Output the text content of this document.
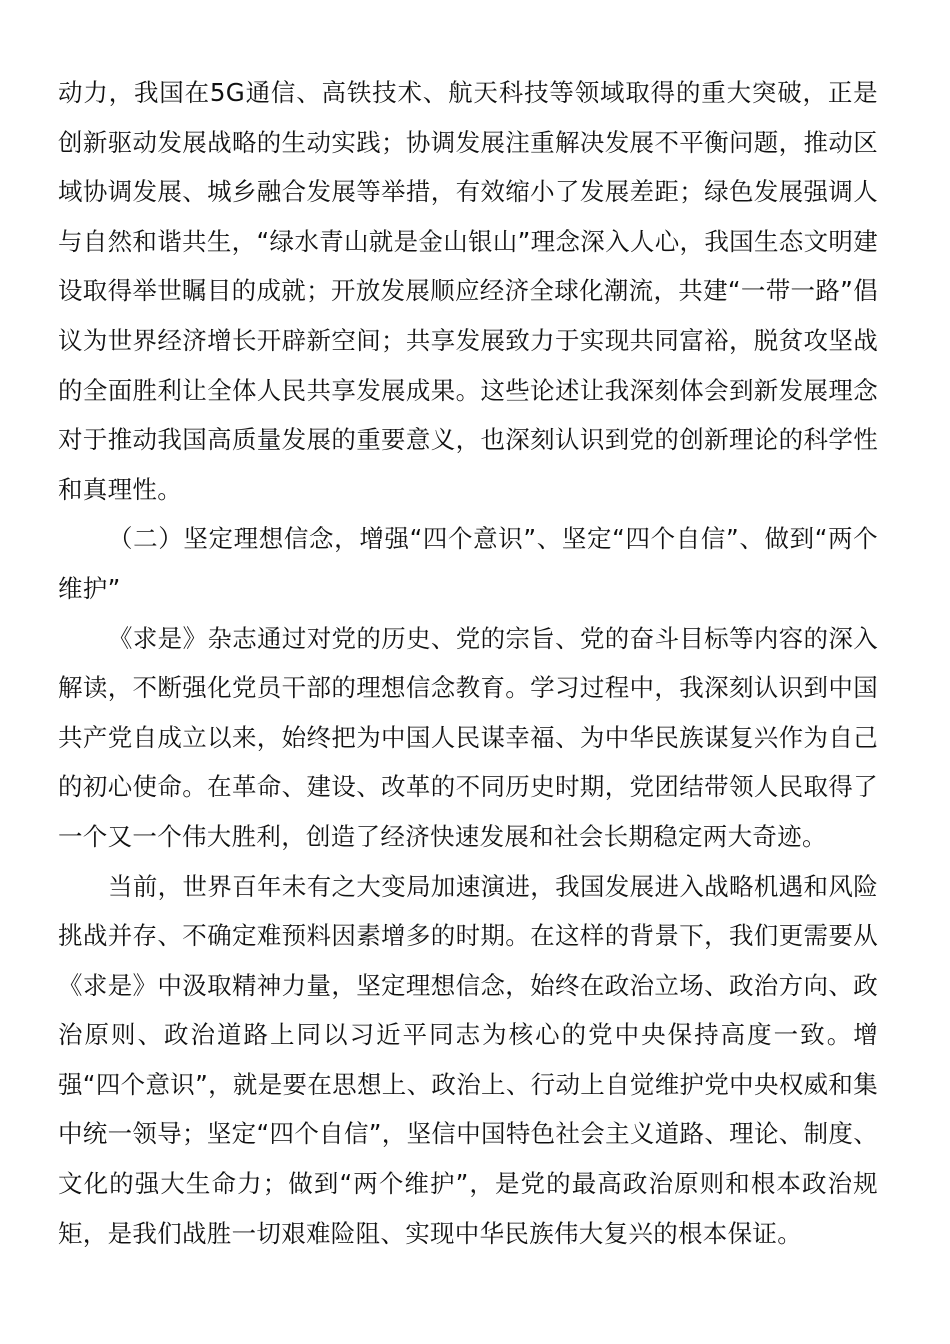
动力，我国在5G通信、高铁技术、航天科技等领域取得的重大突破，正是创新驱动发展战略的生动实践；协调发展注重解决发展不平衡问题，推动区域协调发展、城乡融合发展等举措，有效缩小了发展差距；绿色发展强调人与自然和谐共生，“绿水青山就是金山银山”理念深入人心，我国生态文明建设取得举世瞩目的成就；开放发展顺应经济全球化潮流，共建“一带一路”倡议为世界经济增长开辟新空间；共享发展致力于实现共同富裕，脱贫攻坚战的全面胜利让全体人民共享发展成果。这些论述让我深刻体会到新发展理念对于推动我国高质量发展的重要意义，也深刻认识到党的创新理论的科学性和真理性。

（二）坚定理想信念，增强“四个意识”、坚定“四个自信”、做到“两个维护”

《求是》杂志通过对党的历史、党的宗旨、党的奋斗目标等内容的深入解读，不断强化党员干部的理想信念教育。学习过程中，我深刻认识到中国共产党自成立以来，始终把为中国人民谋幸福、为中华民族谋复兴作为自己的初心使命。在革命、建设、改革的不同历史时期，党团结带领人民取得了一个又一个伟大胜利，创造了经济快速发展和社会长期稳定两大奇迹。

当前，世界百年未有之大变局加速演进，我国发展进入战略机遇和风险挑战并存、不确定难预料因素增多的时期。在这样的背景下，我们更需要从《求是》中汲取精神力量，坚定理想信念，始终在政治立场、政治方向、政治原则、政治道路上同以习近平同志为核心的党中央保持高度一致。增强“四个意识”，就是要在思想上、政治上、行动上自觉维护党中央权威和集中统一领导；坚定“四个自信”，坚信中国特色社会主义道路、理论、制度、文化的强大生命力；做到“两个维护”，是党的最高政治原则和根本政治规矩，是我们战胜一切艰难险阻、实现中华民族伟大复兴的根本保证。
